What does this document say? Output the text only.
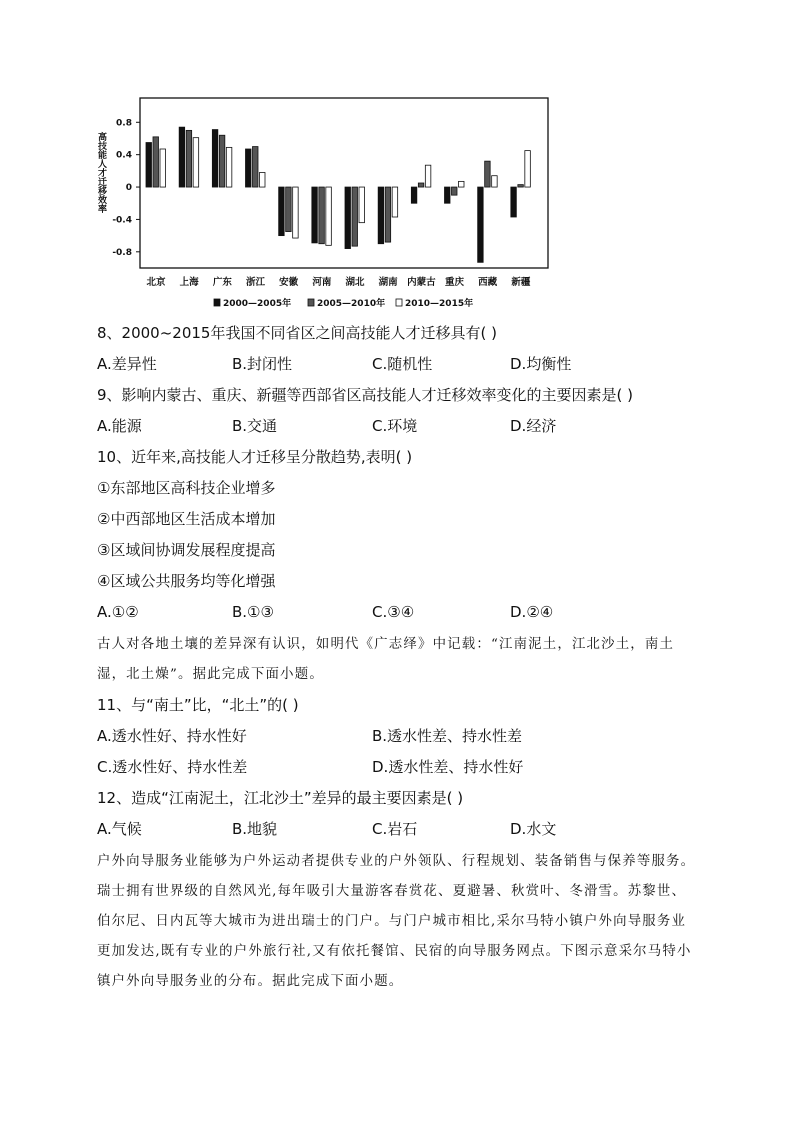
高技能人才迁移效率
0.8
0.4
0
-0.4
-0.8
北京 上海 广东 浙江 安徽 河南 湖北 湖南 内蒙古 重庆 西藏 新疆
2000—2005年	2005—2010年 2010—2015年
8、2000~2015年我国不同省区之间高技能人才迁移具有( )
A.差异性	B.封闭性	C.随机性	D.均衡性
9、影响内蒙古、重庆、新疆等西部省区高技能人才迁移效率变化的主要因素是( )
A.能源	B.交通	C.环境	D.经济
10、近年来,高技能人才迁移呈分散趋势,表明( )
①东部地区高科技企业增多
②中西部地区生活成本增加
③区域间协调发展程度提高
④区域公共服务均等化增强
A.①②	B.①③	C.③④	D.②④
古人对各地土壤的差异深有认识，如明代《广志绎》中记载：“江南泥土，江北沙土，南土湿，北土燥”。据此完成下面小题。
11、与“南土”比，“北土”的( )
A.透水性好、持水性好	B.透水性差、持水性差
C.透水性好、持水性差	D.透水性差、持水性好
12、造成“江南泥土，江北沙土”差异的最主要因素是( )
A.气候	B.地貌	C.岩石	D.水文
户外向导服务业能够为户外运动者提供专业的户外领队、行程规划、装备销售与保养等服务。瑞士拥有世界级的自然风光,每年吸引大量游客春赏花、夏避暑、秋赏叶、冬滑雪。苏黎世、伯尔尼、日内瓦等大城市为进出瑞士的门户。与门户城市相比,采尔马特小镇户外向导服务业更加发达,既有专业的户外旅行社,又有依托餐馆、民宿的向导服务网点。下图示意采尔马特小镇户外向导服务业的分布。据此完成下面小题。
